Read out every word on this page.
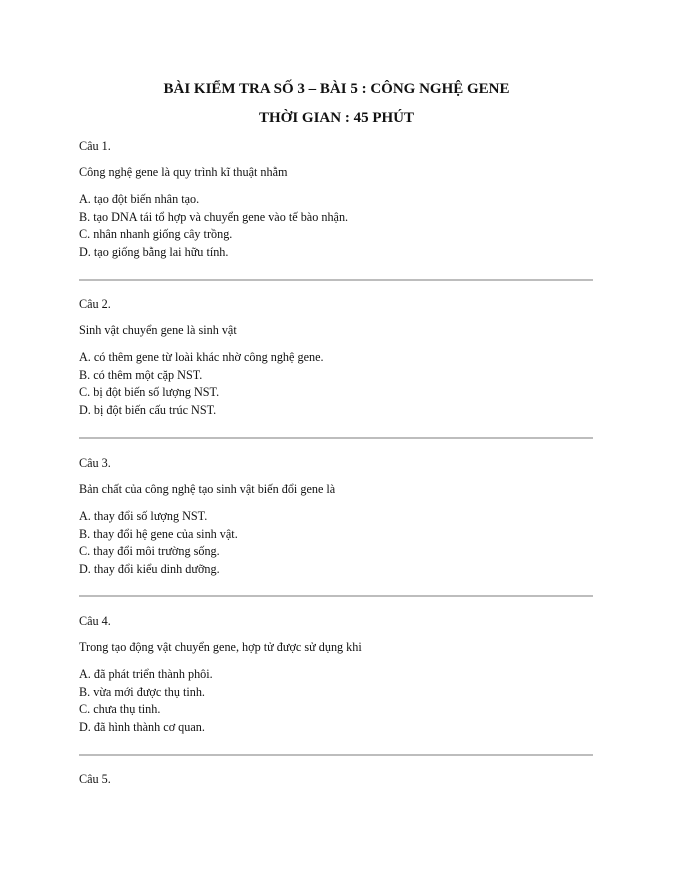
BÀI KIỂM TRA SỐ 3 – BÀI 5 : CÔNG NGHỆ GENE
THỜI GIAN : 45 PHÚT
Câu 1.
Công nghệ gene là quy trình kĩ thuật nhằm
A. tạo đột biến nhân tạo.
B. tạo DNA tái tổ hợp và chuyển gene vào tế bào nhận.
C. nhân nhanh giống cây trồng.
D. tạo giống bằng lai hữu tính.
Câu 2.
Sinh vật chuyển gene là sinh vật
A. có thêm gene từ loài khác nhờ công nghệ gene.
B. có thêm một cặp NST.
C. bị đột biến số lượng NST.
D. bị đột biến cấu trúc NST.
Câu 3.
Bản chất của công nghệ tạo sinh vật biến đổi gene là
A. thay đổi số lượng NST.
B. thay đổi hệ gene của sinh vật.
C. thay đổi môi trường sống.
D. thay đổi kiểu dinh dưỡng.
Câu 4.
Trong tạo động vật chuyển gene, hợp tử được sử dụng khi
A. đã phát triển thành phôi.
B. vừa mới được thụ tinh.
C. chưa thụ tinh.
D. đã hình thành cơ quan.
Câu 5.
